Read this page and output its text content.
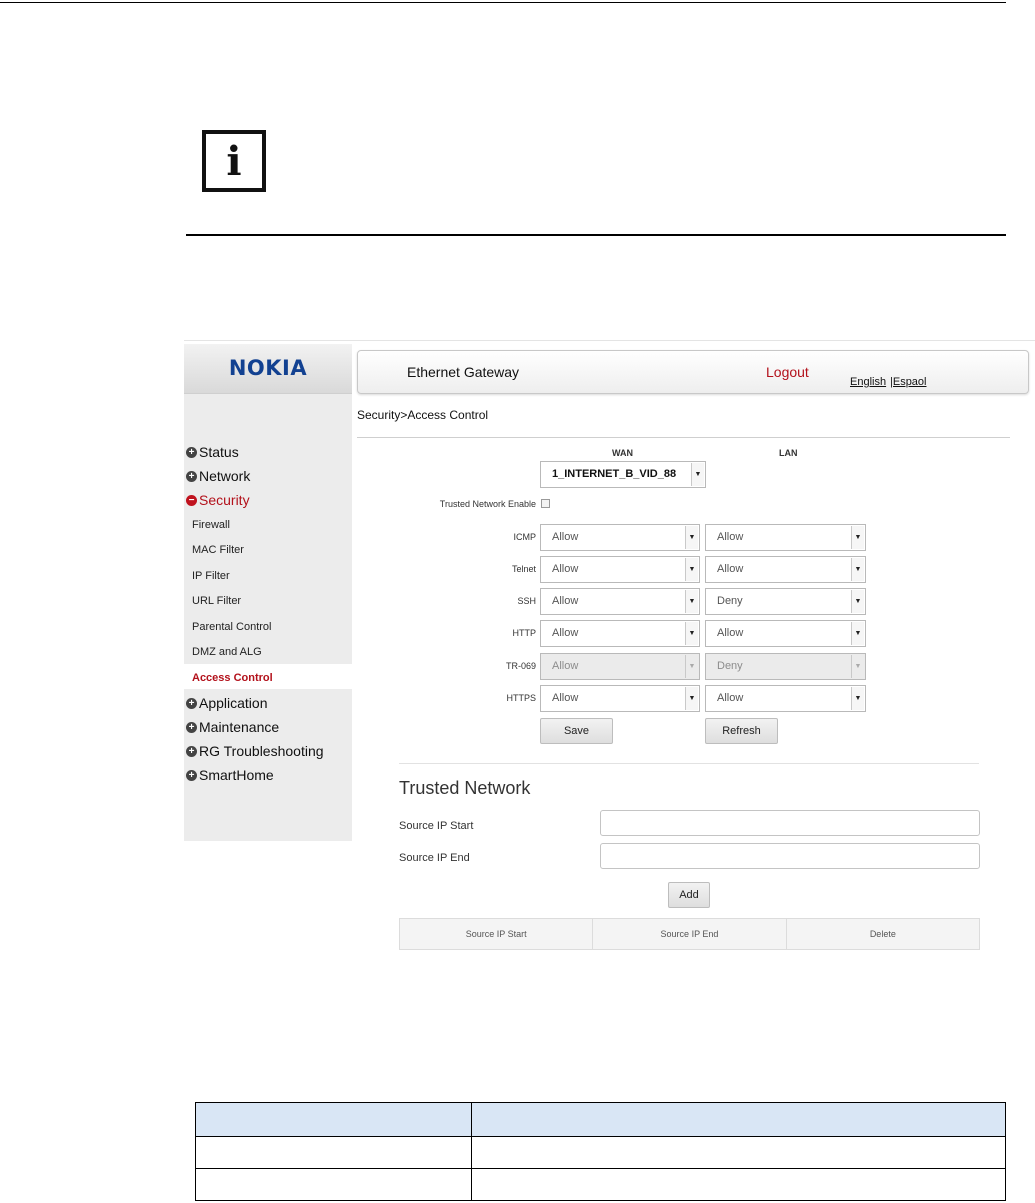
i
NOKIA
+ Status
+ Network
− Security
Firewall
MAC Filter
IP Filter
URL Filter
Parental Control
DMZ and ALG
Access Control
+ Application
+ Maintenance
+ RG Troubleshooting
+ SmartHome
Ethernet Gateway	Logout
English |Espaol
Security>Access Control
WAN	LAN
1_INTERNET_B_VID_88	▼
Trusted Network Enable
ICMP	Allow	▼	Allow	▼
Telnet	Allow	▼	Allow	▼
SSH	Allow	▼	Deny	▼
HTTP	Allow	▼	Allow	▼
TR-069	Allow	▼	Deny	▼
HTTPS	Allow	▼	Allow	▼
Save	Refresh
Trusted Network
Source IP Start
Source IP End
Add
Source IP Start	Source IP End	Delete
